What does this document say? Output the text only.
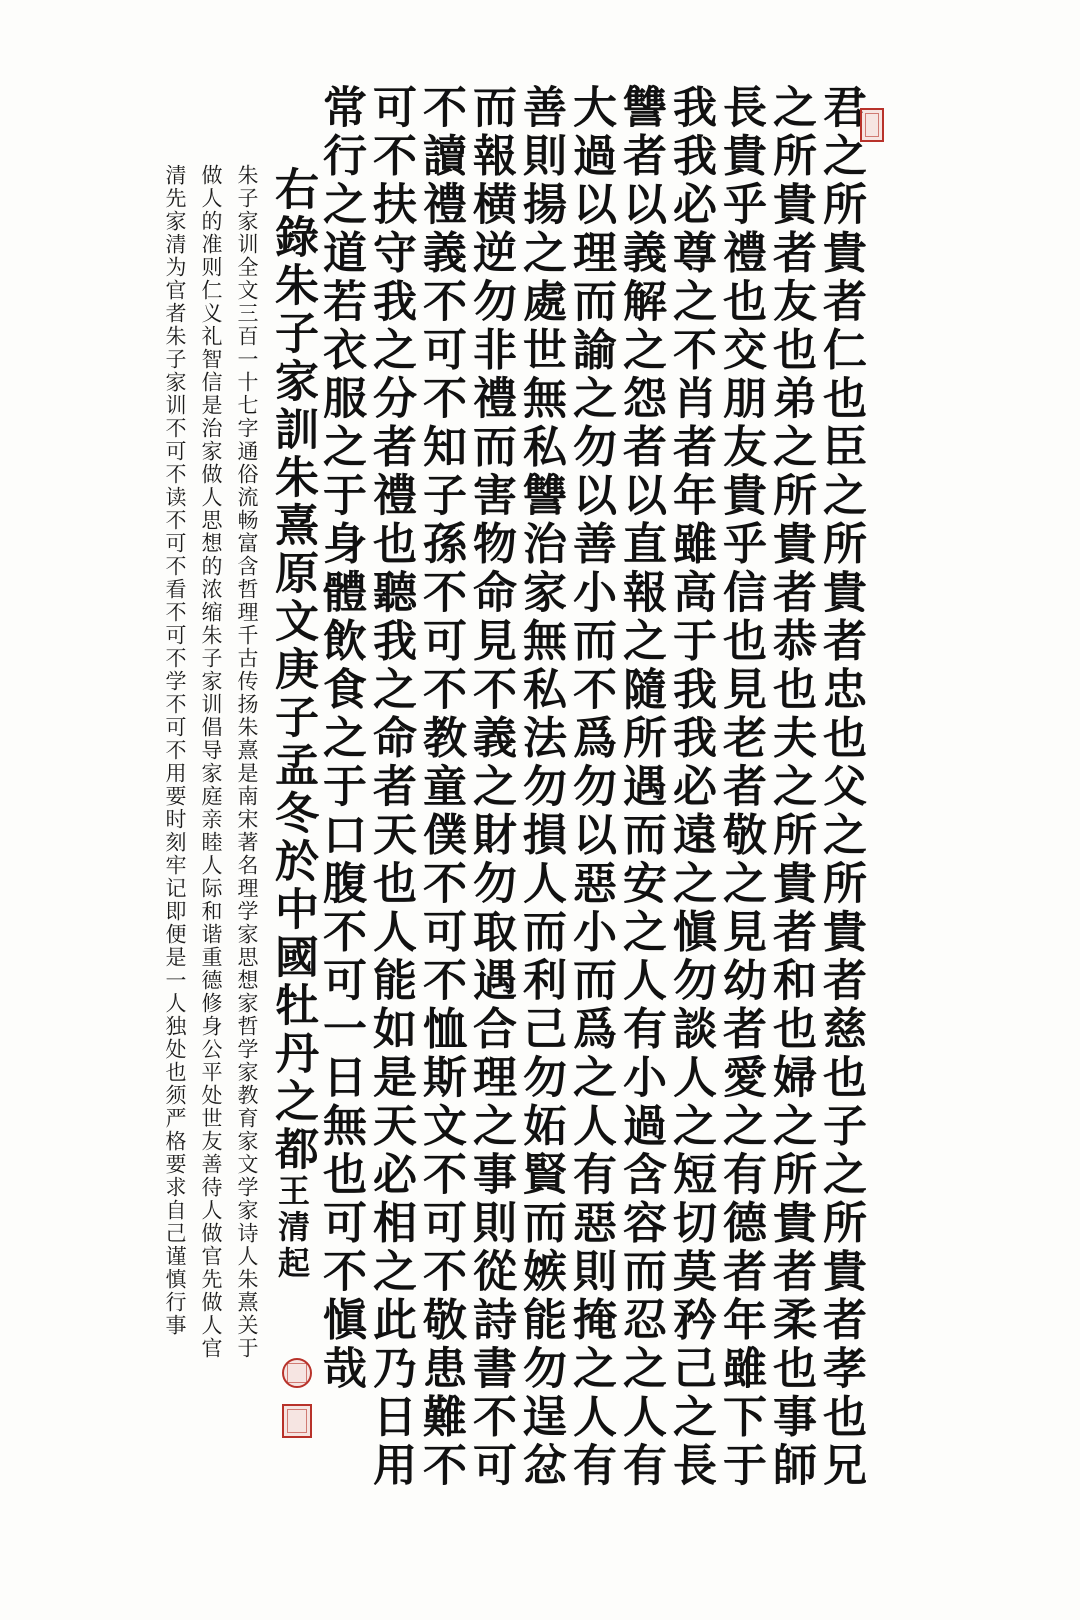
君之所貴者仁也臣之所貴者忠也父之所貴者慈也子之所貴者孝也兄
之所貴者友也弟之所貴者恭也夫之所貴者和也婦之所貴者柔也事師
長貴乎禮也交朋友貴乎信也見老者敬之見幼者愛之有德者年雖下于
我我必尊之不肖者年雖高于我我必遠之愼勿談人之短切莫矜己之長
讐者以義解之怨者以直報之隨所遇而安之人有小過含容而忍之人有
大過以理而諭之勿以善小而不爲勿以惡小而爲之人有惡則掩之人有
善則揚之處世無私讐治家無私法勿損人而利己勿妬賢而嫉能勿逞忿
而報横逆勿非禮而害物命見不義之財勿取遇合理之事則從詩書不可
不讀禮義不可不知子孫不可不教童僕不可不恤斯文不可不敬患難不
可不扶守我之分者禮也聽我之命者天也人能如是天必相之此乃日用
常行之道若衣服之于身體飲食之于口腹不可一日無也可不愼哉
右錄朱子家訓朱熹原文庚子孟冬於中國牡丹之都王清起
朱子家训全文三百一十七字通俗流畅富含哲理千古传扬朱熹是南宋著名理学家思想家哲学家教育家文学家诗人朱熹关于
做人的准则仁义礼智信是治家做人思想的浓缩朱子家训倡导家庭亲睦人际和谐重德修身公平处世友善待人做官先做人官
清先家清为官者朱子家训不可不读不可不看不可不学不可不用要时刻牢记即便是一人独处也须严格要求自己谨慎行事
